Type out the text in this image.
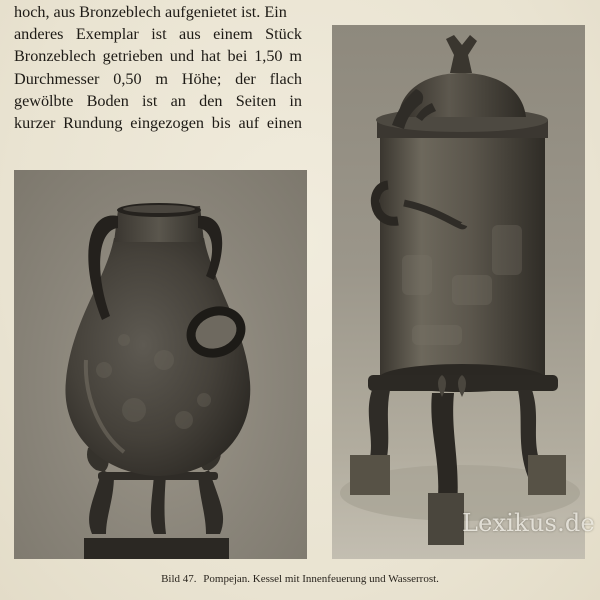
hoch, aus Bronzeblech aufgenietet ist. Ein
anderes Exemplar ist aus einem Stück
Bronzeblech getrieben und hat bei 1,50 m
Durchmesser 0,50 m Höhe; der flach
gewölbte Boden ist an den Seiten in
kurzer Rundung eingezogen bis auf einen
Lexikus.de
Bild 47. Pompejan. Kessel mit Innenfeuerung und Wasserrost.
